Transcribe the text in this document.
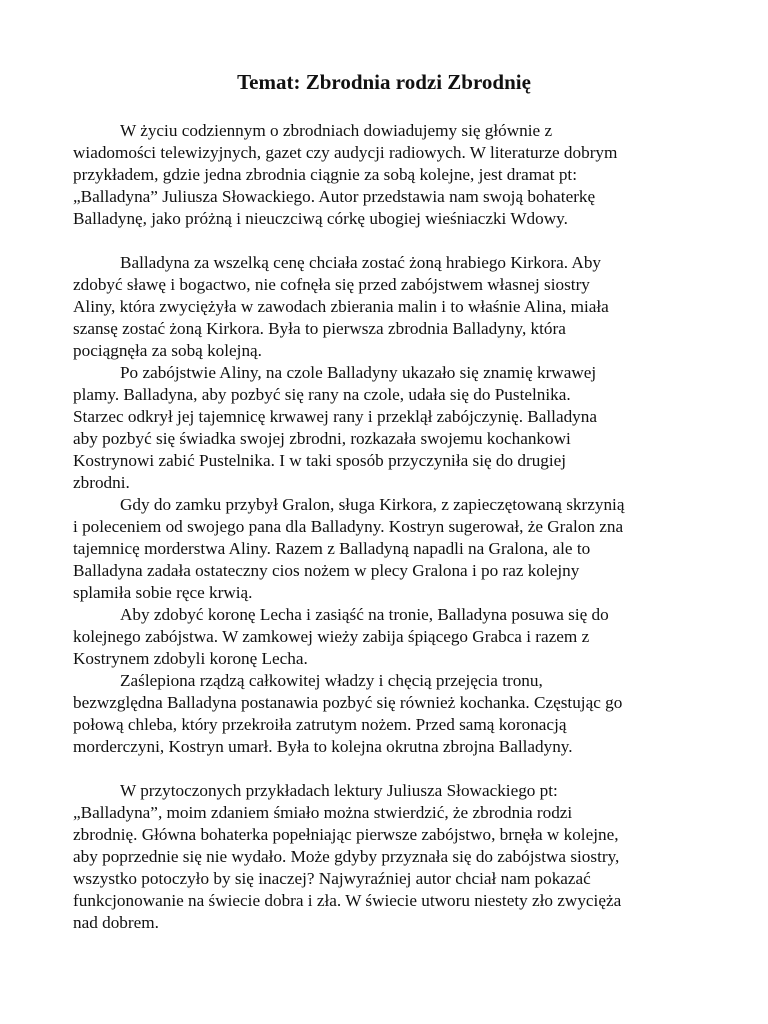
Temat: Zbrodnia rodzi Zbrodnię
W życiu codziennym o zbrodniach dowiadujemy się głównie z
wiadomości telewizyjnych, gazet czy audycji radiowych. W literaturze dobrym
przykładem, gdzie jedna zbrodnia ciągnie za sobą kolejne, jest dramat pt:
„Balladyna” Juliusza Słowackiego. Autor przedstawia nam swoją bohaterkę
Balladynę, jako próżną i nieuczciwą córkę ubogiej wieśniaczki Wdowy.
Balladyna za wszelką cenę chciała zostać żoną hrabiego Kirkora. Aby
zdobyć sławę i bogactwo, nie cofnęła się przed zabójstwem własnej siostry
Aliny, która zwyciężyła w zawodach zbierania malin i to właśnie Alina, miała
szansę zostać żoną Kirkora. Była to pierwsza zbrodnia Balladyny, która
pociągnęła za sobą kolejną.
Po zabójstwie Aliny, na czole Balladyny ukazało się znamię krwawej
plamy. Balladyna, aby pozbyć się rany na czole, udała się do Pustelnika.
Starzec odkrył jej tajemnicę krwawej rany i przeklął zabójczynię. Balladyna
aby pozbyć się świadka swojej zbrodni, rozkazała swojemu kochankowi
Kostrynowi zabić Pustelnika. I w taki sposób przyczyniła się do drugiej
zbrodni.
Gdy do zamku przybył Gralon, sługa Kirkora, z zapieczętowaną skrzynią
i poleceniem od swojego pana dla Balladyny. Kostryn sugerował, że Gralon zna
tajemnicę morderstwa Aliny. Razem z Balladyną napadli na Gralona, ale to
Balladyna zadała ostateczny cios nożem w plecy Gralona i po raz kolejny
splamiła sobie ręce krwią.
Aby zdobyć koronę Lecha i zasiąść na tronie, Balladyna posuwa się do
kolejnego zabójstwa. W zamkowej wieży zabija śpiącego Grabca i razem z
Kostrynem zdobyli koronę Lecha.
Zaślepiona rządzą całkowitej władzy i chęcią przejęcia tronu,
bezwzględna Balladyna postanawia pozbyć się również kochanka. Częstując go
połową chleba, który przekroiła zatrutym nożem. Przed samą koronacją
morderczyni, Kostryn umarł. Była to kolejna okrutna zbrojna Balladyny.
W przytoczonych przykładach lektury Juliusza Słowackiego pt:
„Balladyna”, moim zdaniem śmiało można stwierdzić, że zbrodnia rodzi
zbrodnię. Główna bohaterka popełniając pierwsze zabójstwo, brnęła w kolejne,
aby poprzednie się nie wydało. Może gdyby przyznała się do zabójstwa siostry,
wszystko potoczyło by się inaczej? Najwyraźniej autor chciał nam pokazać
funkcjonowanie na świecie dobra i zła. W świecie utworu niestety zło zwycięża
nad dobrem.
